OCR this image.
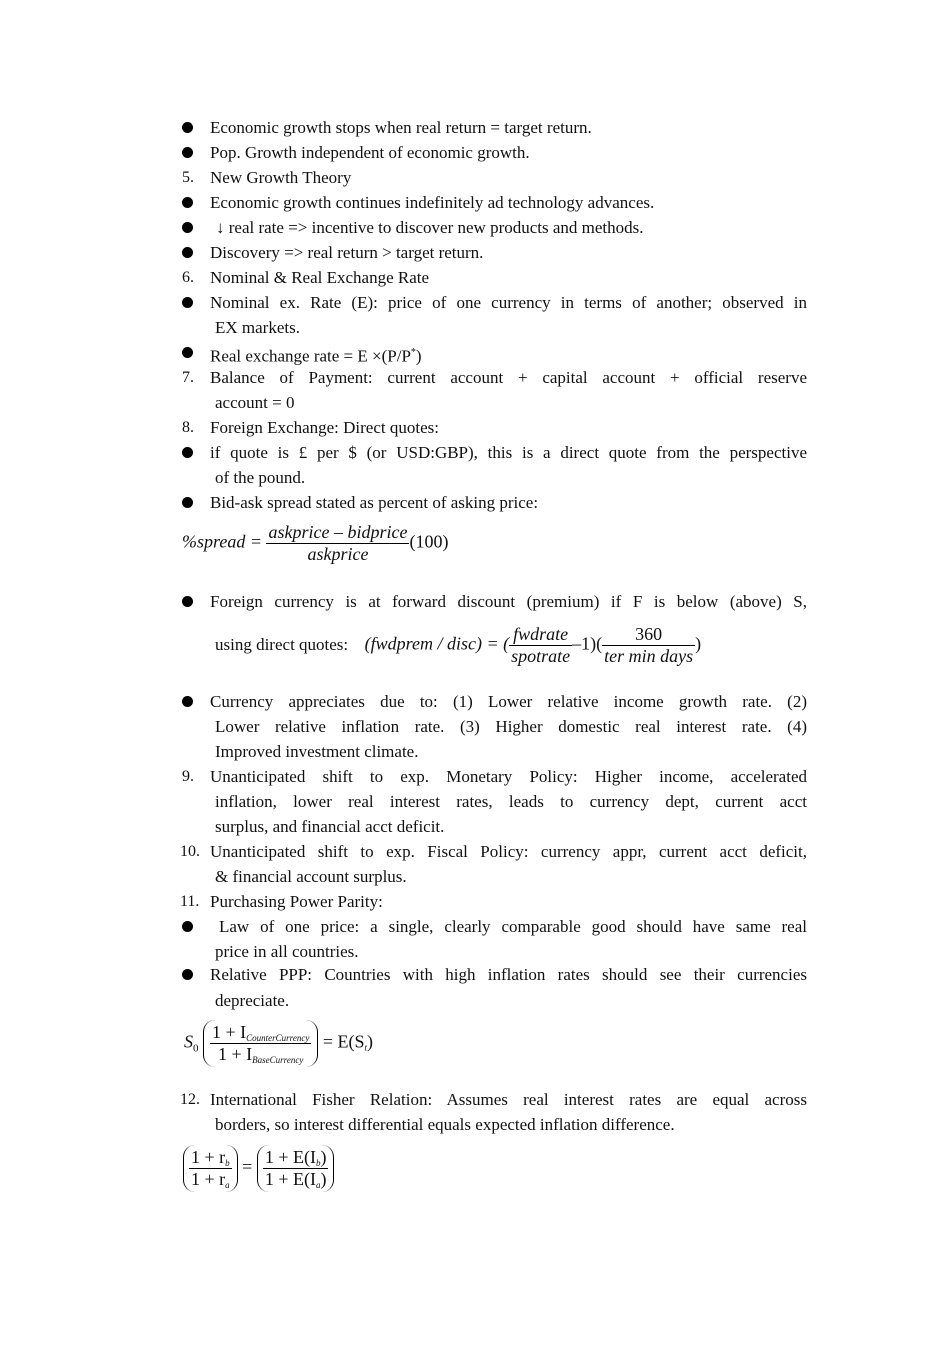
Economic growth stops when real return = target return.
Pop. Growth independent of economic growth.
5. New Growth Theory
Economic growth continues indefinitely ad technology advances.
↓ real rate => incentive to discover new products and methods.
Discovery => real return > target return.
6. Nominal & Real Exchange Rate
Nominal ex. Rate (E): price of one currency in terms of another; observed in
EX markets.
Real exchange rate = E ×(P/P*)
7. Balance of Payment: current account + capital account + official reserve
account = 0
8. Foreign Exchange: Direct quotes:
if quote is £ per $ (or USD:GBP), this is a direct quote from the perspective
of the pound.
Bid-ask spread stated as percent of asking price:
%spread = $\frac{\text{askprice – bidprice}}{\text{askprice}} (100)$
Foreign currency is at forward discount (premium) if F is below (above) S,
using direct quotes: (fwdprem / disc) = ( $\frac{\text{fwdrate}}{\text{spotrate}} -1)( \frac{360}{\text{ter min days}}$ )
Currency appreciates due to: (1) Lower relative income growth rate. (2)
Lower relative inflation rate. (3) Higher domestic real interest rate. (4)
Improved investment climate.
9. Unanticipated shift to exp. Monetary Policy: Higher income, accelerated
inflation, lower real interest rates, leads to currency dept, current acct
surplus, and financial acct deficit.
10. Unanticipated shift to exp. Fiscal Policy: currency appr, current acct deficit,
& financial account surplus.
11. Purchasing Power Parity:
Law of one price: a single, clearly comparable good should have same real
price in all countries.
Relative PPP: Countries with high inflation rates should see their currencies
depreciate.
$S_0 \frac{1 + I_{CounterCurrency}}{1 + I_{BaseCurrency}} = E(S_t)$
12. International Fisher Relation: Assumes real interest rates are equal across
borders, so interest differential equals expected inflation difference.
$\frac{1 + r_b}{1 + r_a} = \frac{1 + E(I_b)}{1 + E(I_a)}$
